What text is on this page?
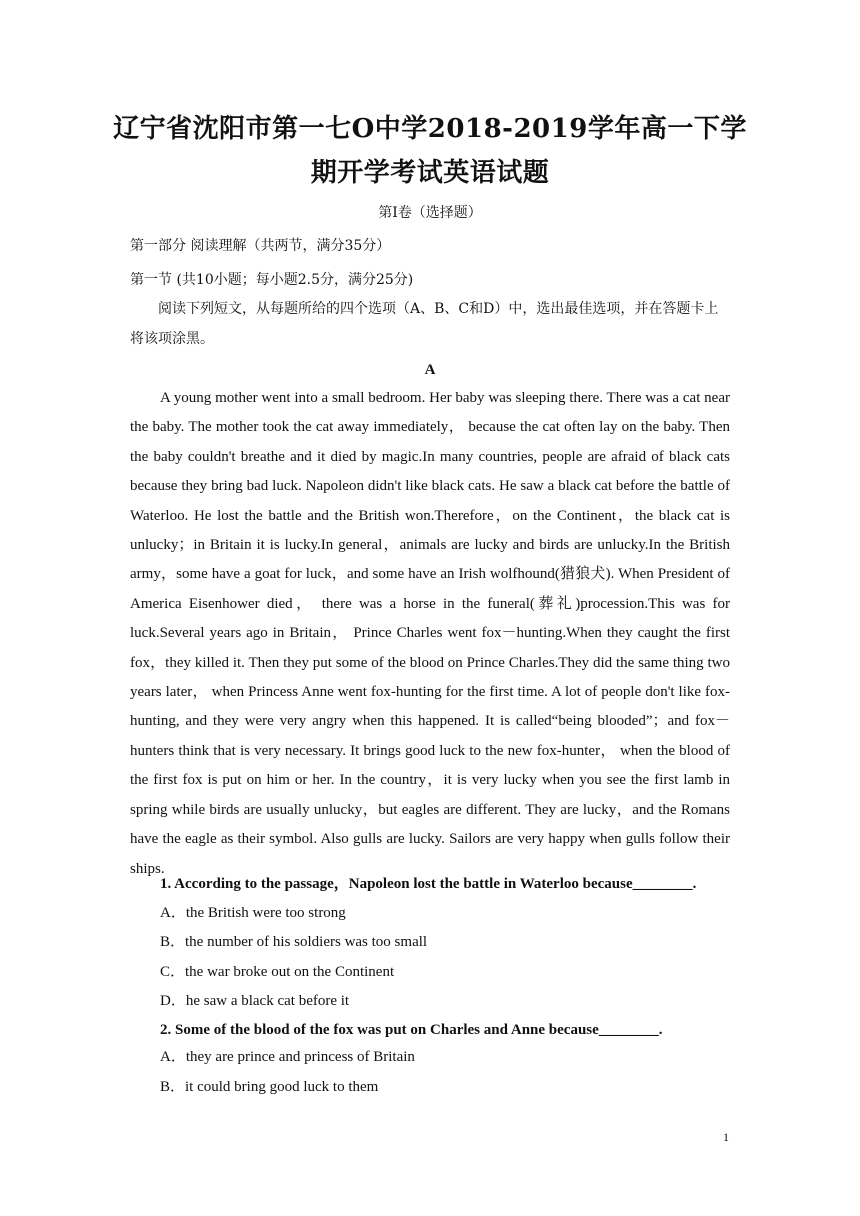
辽宁省沈阳市第一七O中学2018-2019学年高一下学
期开学考试英语试题
第Ⅰ卷（选择题）
第一部分 阅读理解（共两节，满分35分）
第一节 (共10小题；每小题2.5分，满分25分)
阅读下列短文，从每题所给的四个选项（A、B、C和D）中，选出最佳选项，并在答题卡上将该项涂黑。
A
A young mother went into a small bedroom. Her baby was sleeping there. There was a cat near the baby. The mother took the cat away immediately， because the cat often lay on the baby. Then the baby couldn't breathe and it died by magic.In many countries, people are afraid of black cats because they bring bad luck. Napoleon didn't like black cats. He saw a black cat before the battle of Waterloo. He lost the battle and the British won.Therefore，on the Continent，the black cat is unlucky；in Britain it is lucky.In general，animals are lucky and birds are unlucky.In the British army，some have a goat for luck，and some have an Irish wolfhound(猎狼犬). When President of America Eisenhower died， there was a horse in the funeral(葬礼)procession.This was for luck.Several years ago in Britain， Prince Charles went fox－hunting.When they caught the first fox，they killed it. Then they put some of the blood on Prince Charles.They did the same thing two years later， when Princess Anne went fox-hunting for the first time. A lot of people don't like fox-hunting, and they were very angry when this happened. It is called“being blooded”；and fox－hunters think that is very necessary. It brings good luck to the new fox-hunter， when the blood of the first fox is put on him or her. In the country，it is very lucky when you see the first lamb in spring while birds are usually unlucky，but eagles are different. They are lucky，and the Romans have the eagle as their symbol. Also gulls are lucky. Sailors are very happy when gulls follow their ships.
1. According to the passage，Napoleon lost the battle in Waterloo because________.
A．the British were too strong
B．the number of his soldiers was too small
C．the war broke out on the Continent
D．he saw a black cat before it
2. Some of the blood of the fox was put on Charles and Anne because________.
A．they are prince and princess of Britain
B．it could bring good luck to them
1
